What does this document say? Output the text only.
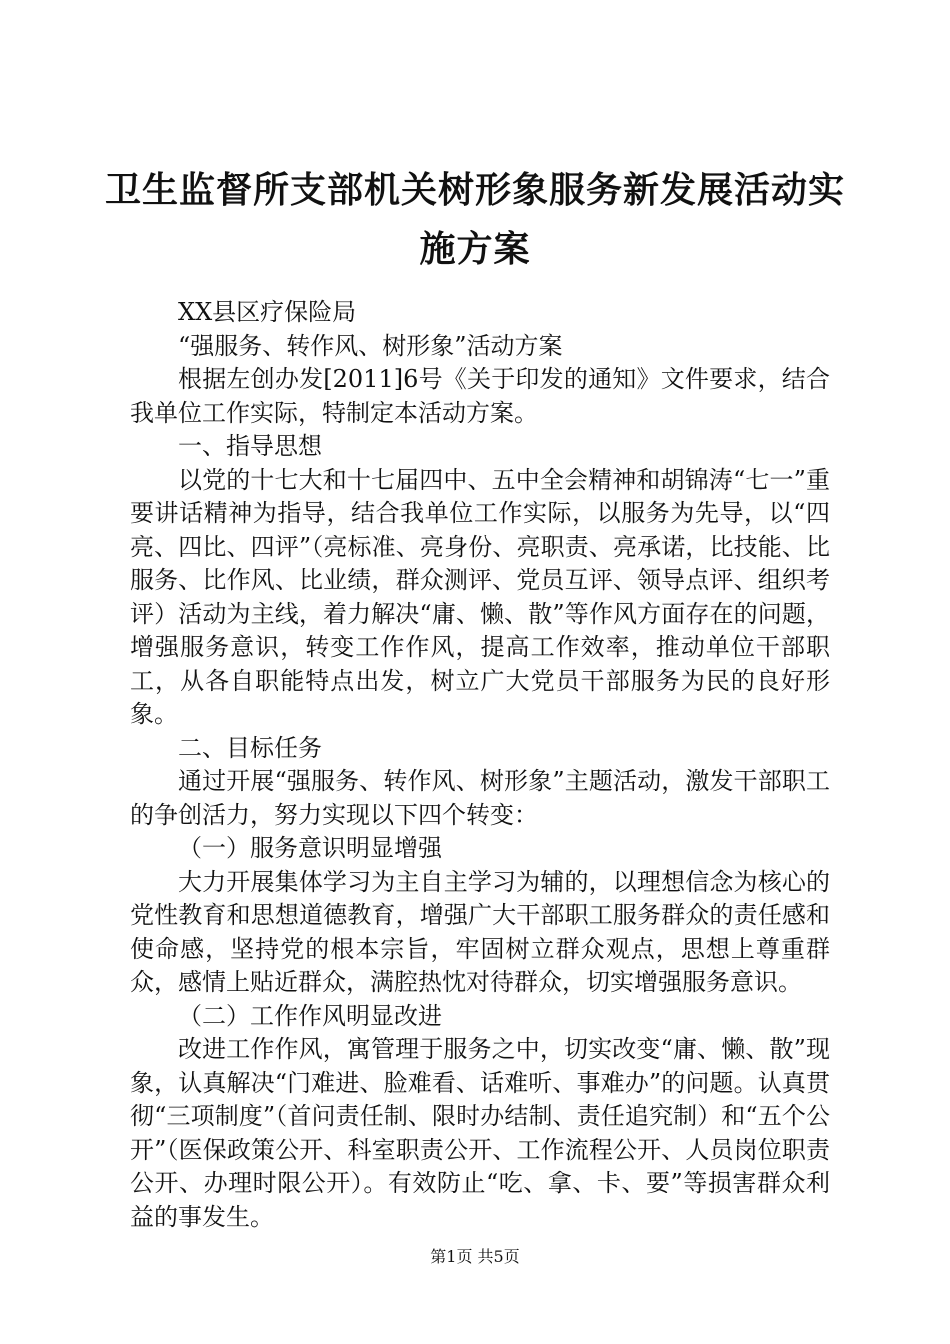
卫生监督所支部机关树形象服务新发展活动实
施方案

XX县区疗保险局

“强服务、转作风、树形象”活动方案

根据左创办发[2011]6号《关于印发的通知》文件要求，结合我单位工作实际，特制定本活动方案。

一、指导思想

以党的十七大和十七届四中、五中全会精神和胡锦涛“七一”重要讲话精神为指导，结合我单位工作实际，以服务为先导，以“四亮、四比、四评”（亮标准、亮身份、亮职责、亮承诺，比技能、比服务、比作风、比业绩，群众测评、党员互评、领导点评、组织考评）活动为主线，着力解决“庸、懒、散”等作风方面存在的问题，增强服务意识，转变工作作风，提高工作效率，推动单位干部职工，从各自职能特点出发，树立广大党员干部服务为民的良好形象。

二、目标任务

通过开展“强服务、转作风、树形象”主题活动，激发干部职工的争创活力，努力实现以下四个转变：

（一）服务意识明显增强

大力开展集体学习为主自主学习为辅的，以理想信念为核心的党性教育和思想道德教育，增强广大干部职工服务群众的责任感和使命感，坚持党的根本宗旨，牢固树立群众观点，思想上尊重群众，感情上贴近群众，满腔热忱对待群众，切实增强服务意识。

（二）工作作风明显改进

改进工作作风，寓管理于服务之中，切实改变“庸、懒、散”现象，认真解决“门难进、脸难看、话难听、事难办”的问题。认真贯彻“三项制度”（首问责任制、限时办结制、责任追究制）和“五个公开”（医保政策公开、科室职责公开、工作流程公开、人员岗位职责公开、办理时限公开）。有效防止“吃、拿、卡、要”等损害群众利益的事发生。

第1页 共5页
